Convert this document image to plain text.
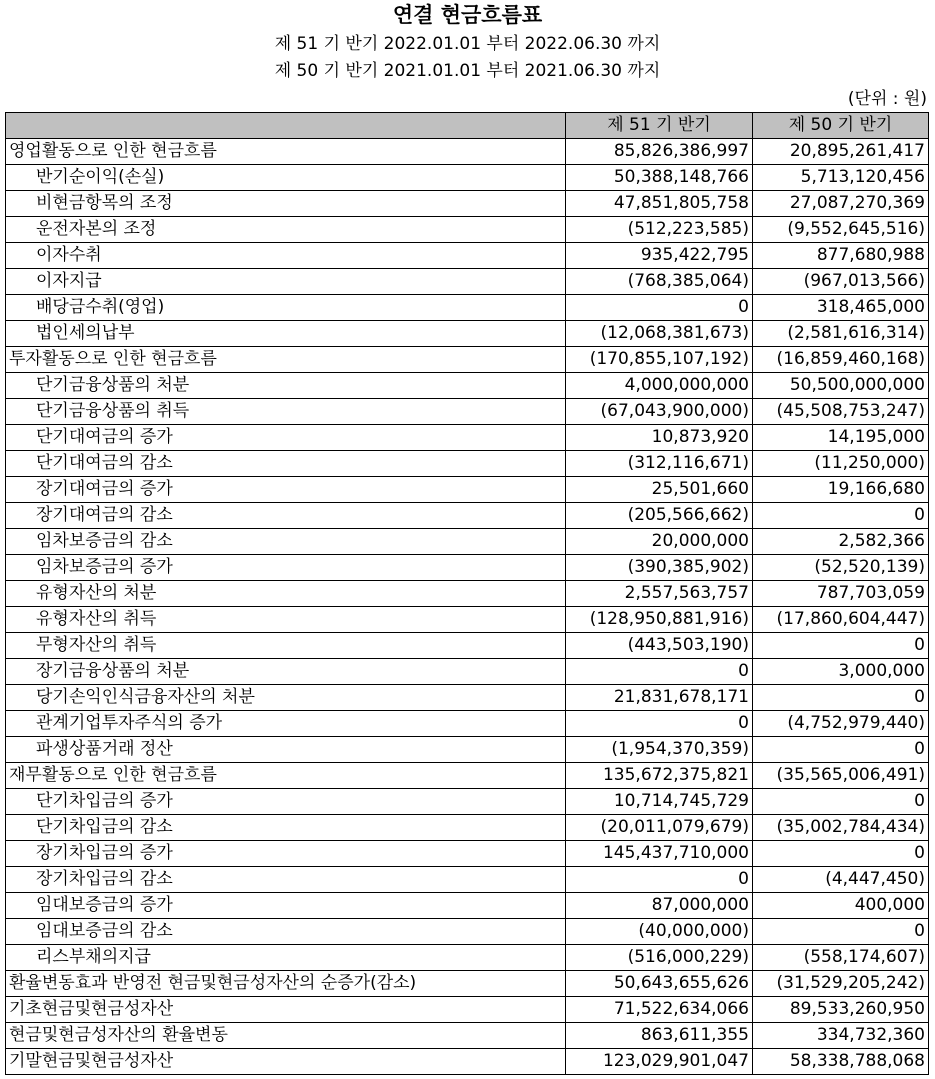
연결 현금흐름표
제 51 기 반기 2022.01.01 부터 2022.06.30 까지
제 50 기 반기 2021.01.01 부터 2021.06.30 까지
(단위 : 원)
	제 51 기 반기	제 50 기 반기
영업활동으로 인한 현금흐름	85,826,386,997	20,895,261,417
반기순이익(손실)	50,388,148,766	5,713,120,456
비현금항목의 조정	47,851,805,758	27,087,270,369
운전자본의 조정	(512,223,585)	(9,552,645,516)
이자수취	935,422,795	877,680,988
이자지급	(768,385,064)	(967,013,566)
배당금수취(영업)	0	318,465,000
법인세의납부	(12,068,381,673)	(2,581,616,314)
투자활동으로 인한 현금흐름	(170,855,107,192)	(16,859,460,168)
단기금융상품의 처분	4,000,000,000	50,500,000,000
단기금융상품의 취득	(67,043,900,000)	(45,508,753,247)
단기대여금의 증가	10,873,920	14,195,000
단기대여금의 감소	(312,116,671)	(11,250,000)
장기대여금의 증가	25,501,660	19,166,680
장기대여금의 감소	(205,566,662)	0
임차보증금의 감소	20,000,000	2,582,366
임차보증금의 증가	(390,385,902)	(52,520,139)
유형자산의 처분	2,557,563,757	787,703,059
유형자산의 취득	(128,950,881,916)	(17,860,604,447)
무형자산의 취득	(443,503,190)	0
장기금융상품의 처분	0	3,000,000
당기손익인식금융자산의 처분	21,831,678,171	0
관계기업투자주식의 증가	0	(4,752,979,440)
파생상품거래 정산	(1,954,370,359)	0
재무활동으로 인한 현금흐름	135,672,375,821	(35,565,006,491)
단기차입금의 증가	10,714,745,729	0
단기차입금의 감소	(20,011,079,679)	(35,002,784,434)
장기차입금의 증가	145,437,710,000	0
장기차입금의 감소	0	(4,447,450)
임대보증금의 증가	87,000,000	400,000
임대보증금의 감소	(40,000,000)	0
리스부채의지급	(516,000,229)	(558,174,607)
환율변동효과 반영전 현금및현금성자산의 순증가(감소)	50,643,655,626	(31,529,205,242)
기초현금및현금성자산	71,522,634,066	89,533,260,950
현금및현금성자산의 환율변동	863,611,355	334,732,360
기말현금및현금성자산	123,029,901,047	58,338,788,068
